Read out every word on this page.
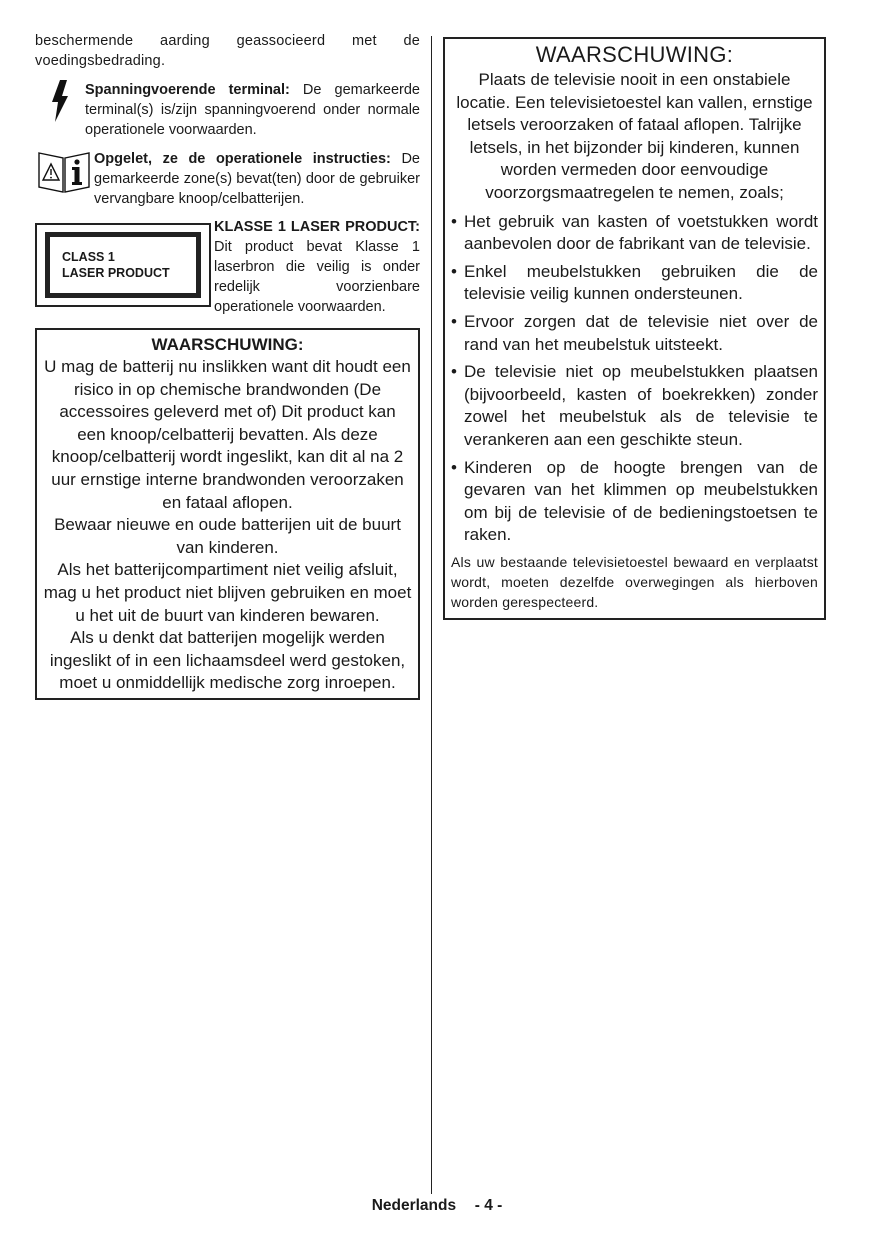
beschermende aarding geassocieerd met de voedingsbedrading.

Spanningvoerende terminal: De gemarkeerde terminal(s) is/zijn spanningvoerend onder normale operationele voorwaarden.

Opgelet, ze de operationele instructies: De gemarkeerde zone(s) bevat(ten) door de gebruiker vervangbare knoop/celbatterijen.

CLASS 1
LASER PRODUCT
KLASSE 1 LASER PRODUCT: Dit product bevat Klasse 1 laserbron die veilig is onder redelijk voorzienbare operationele voorwaarden.
WAARSCHUWING:

U mag de batterij nu inslikken want dit houdt een risico in op chemische brandwonden (De accessoires geleverd met of) Dit product kan een knoop/celbatterij bevatten. Als deze knoop/celbatterij wordt ingeslikt, kan dit al na 2 uur ernstige interne brandwonden veroorzaken en fataal aflopen.

Bewaar nieuwe en oude batterijen uit de buurt van kinderen.

Als het batterijcompartiment niet veilig afsluit, mag u het product niet blijven gebruiken en moet u het uit de buurt van kinderen bewaren.

Als u denkt dat batterijen mogelijk werden ingeslikt of in een lichaamsdeel werd gestoken, moet u onmiddellijk medische zorg inroepen.

WAARSCHUWING:

Plaats de televisie nooit in een onstabiele locatie. Een televisietoestel kan vallen, ernstige letsels veroorzaken of fataal aflopen. Talrijke letsels, in het bijzonder bij kinderen, kunnen worden vermeden door eenvoudige voorzorgsmaatregelen te nemen, zoals;

• Het gebruik van kasten of voetstukken wordt aanbevolen door de fabrikant van de televisie.
• Enkel meubelstukken gebruiken die de televisie veilig kunnen ondersteunen.
• Ervoor zorgen dat de televisie niet over de rand van het meubelstuk uitsteekt.
• De televisie niet op meubelstukken plaatsen (bijvoorbeeld, kasten of boekrekken) zonder zowel het meubelstuk als de televisie te verankeren aan een geschikte steun.
• Kinderen op de hoogte brengen van de gevaren van het klimmen op meubelstukken om bij de televisie of de bedieningstoetsen te raken.

Als uw bestaande televisietoestel bewaard en verplaatst wordt, moeten dezelfde overwegingen als hierboven worden gerespecteerd.

Nederlands - 4 -
